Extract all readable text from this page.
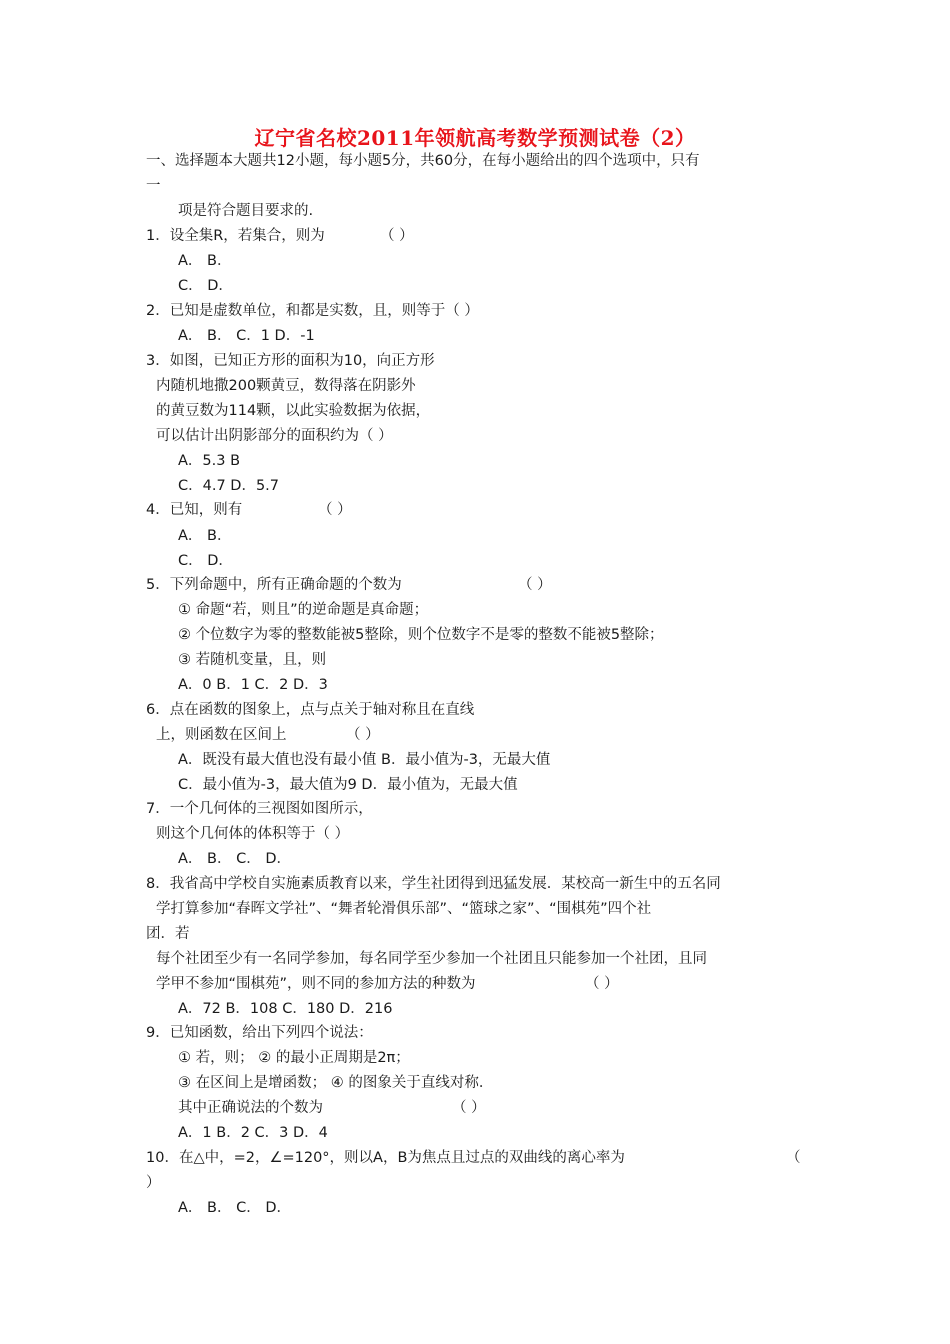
辽宁省名校2011年领航高考数学预测试卷（2）
一、选择题本大题共12小题，每小题5分，共60分，在每小题给出的四个选项中，只有
一
项是符合题目要求的.
1．设全集R，若集合，则为	（ ）
A． B．
C． D．
2．已知是虚数单位，和都是实数，且，则等于（ ）
A． B． C．1 D．-1
3．如图，已知正方形的面积为10，向正方形
内随机地撒200颗黄豆，数得落在阴影外
的黄豆数为114颗，以此实验数据为依据，
可以估计出阴影部分的面积约为（ ）
A．5.3 B
C．4.7 D．5.7
4．已知，则有	（ ）
A． B．
C． D．
5．下列命题中，所有正确命题的个数为	（ ）
① 命题“若，则且”的逆命题是真命题；
② 个位数字为零的整数能被5整除，则个位数字不是零的整数不能被5整除；
③ 若随机变量，且，则
A．0 B．1 C．2 D．3
6．点在函数的图象上，点与点关于轴对称且在直线
上，则函数在区间上	（ ）
A．既没有最大值也没有最小值 B．最小值为-3，无最大值
C．最小值为-3，最大值为9 D．最小值为，无最大值
7．一个几何体的三视图如图所示，
则这个几何体的体积等于（ ）
A． B． C． D．
8．我省高中学校自实施素质教育以来，学生社团得到迅猛发展．某校高一新生中的五名同
学打算参加“春晖文学社”、“舞者轮滑俱乐部”、“篮球之家”、“围棋苑”四个社
团．若
每个社团至少有一名同学参加，每名同学至少参加一个社团且只能参加一个社团，且同
学甲不参加“围棋苑”，则不同的参加方法的种数为	（ ）
A．72 B．108 C．180 D．216
9．已知函数，给出下列四个说法：
① 若，则； ② 的最小正周期是2π；
③ 在区间上是增函数； ④ 的图象关于直线对称．
其中正确说法的个数为	（ ）
A．1 B．2 C．3 D．4
10．在△中，=2，∠=120°，则以A，B为焦点且过点的双曲线的离心率为	（
）
A． B． C． D．
